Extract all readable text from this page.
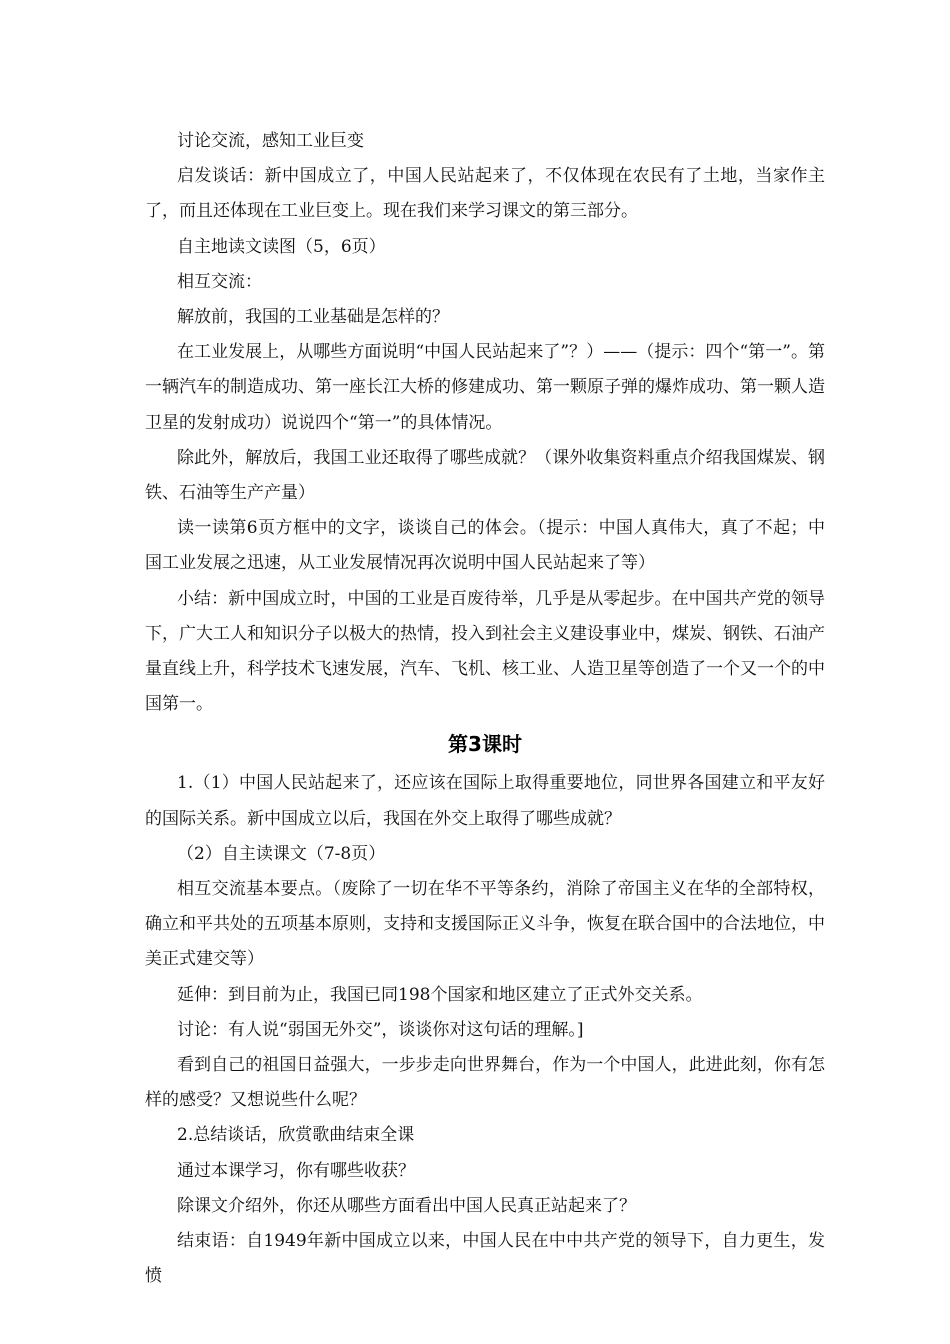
讨论交流，感知工业巨变

启发谈话：新中国成立了，中国人民站起来了，不仅体现在农民有了土地，当家作主了，而且还体现在工业巨变上。现在我们来学习课文的第三部分。

自主地读文读图（5，6页）

相互交流：

解放前，我国的工业基础是怎样的？

在工业发展上，从哪些方面说明“中国人民站起来了”？）——（提示：四个“第一”。第一辆汽车的制造成功、第一座长江大桥的修建成功、第一颗原子弹的爆炸成功、第一颗人造卫星的发射成功）说说四个“第一”的具体情况。

除此外，解放后，我国工业还取得了哪些成就？（课外收集资料重点介绍我国煤炭、钢铁、石油等生产产量）

读一读第6页方框中的文字，谈谈自己的体会。（提示：中国人真伟大，真了不起；中国工业发展之迅速，从工业发展情况再次说明中国人民站起来了等）

小结：新中国成立时，中国的工业是百废待举，几乎是从零起步。在中国共产党的领导下，广大工人和知识分子以极大的热情，投入到社会主义建设事业中，煤炭、钢铁、石油产量直线上升，科学技术飞速发展，汽车、飞机、核工业、人造卫星等创造了一个又一个的中国第一。

第3课时

1.（1）中国人民站起来了，还应该在国际上取得重要地位，同世界各国建立和平友好的国际关系。新中国成立以后，我国在外交上取得了哪些成就？

（2）自主读课文（7-8页）

相互交流基本要点。（废除了一切在华不平等条约，消除了帝国主义在华的全部特权，确立和平共处的五项基本原则，支持和支援国际正义斗争，恢复在联合国中的合法地位，中美正式建交等）

延伸：到目前为止，我国已同198个国家和地区建立了正式外交关系。

讨论：有人说“弱国无外交”，谈谈你对这句话的理解。]

看到自己的祖国日益强大，一步步走向世界舞台，作为一个中国人，此进此刻，你有怎样的感受？又想说些什么呢？

2.总结谈话，欣赏歌曲结束全课

通过本课学习，你有哪些收获？

除课文介绍外，你还从哪些方面看出中国人民真正站起来了？

结束语：自1949年新中国成立以来，中国人民在中中共产党的领导下，自力更生，发愤
